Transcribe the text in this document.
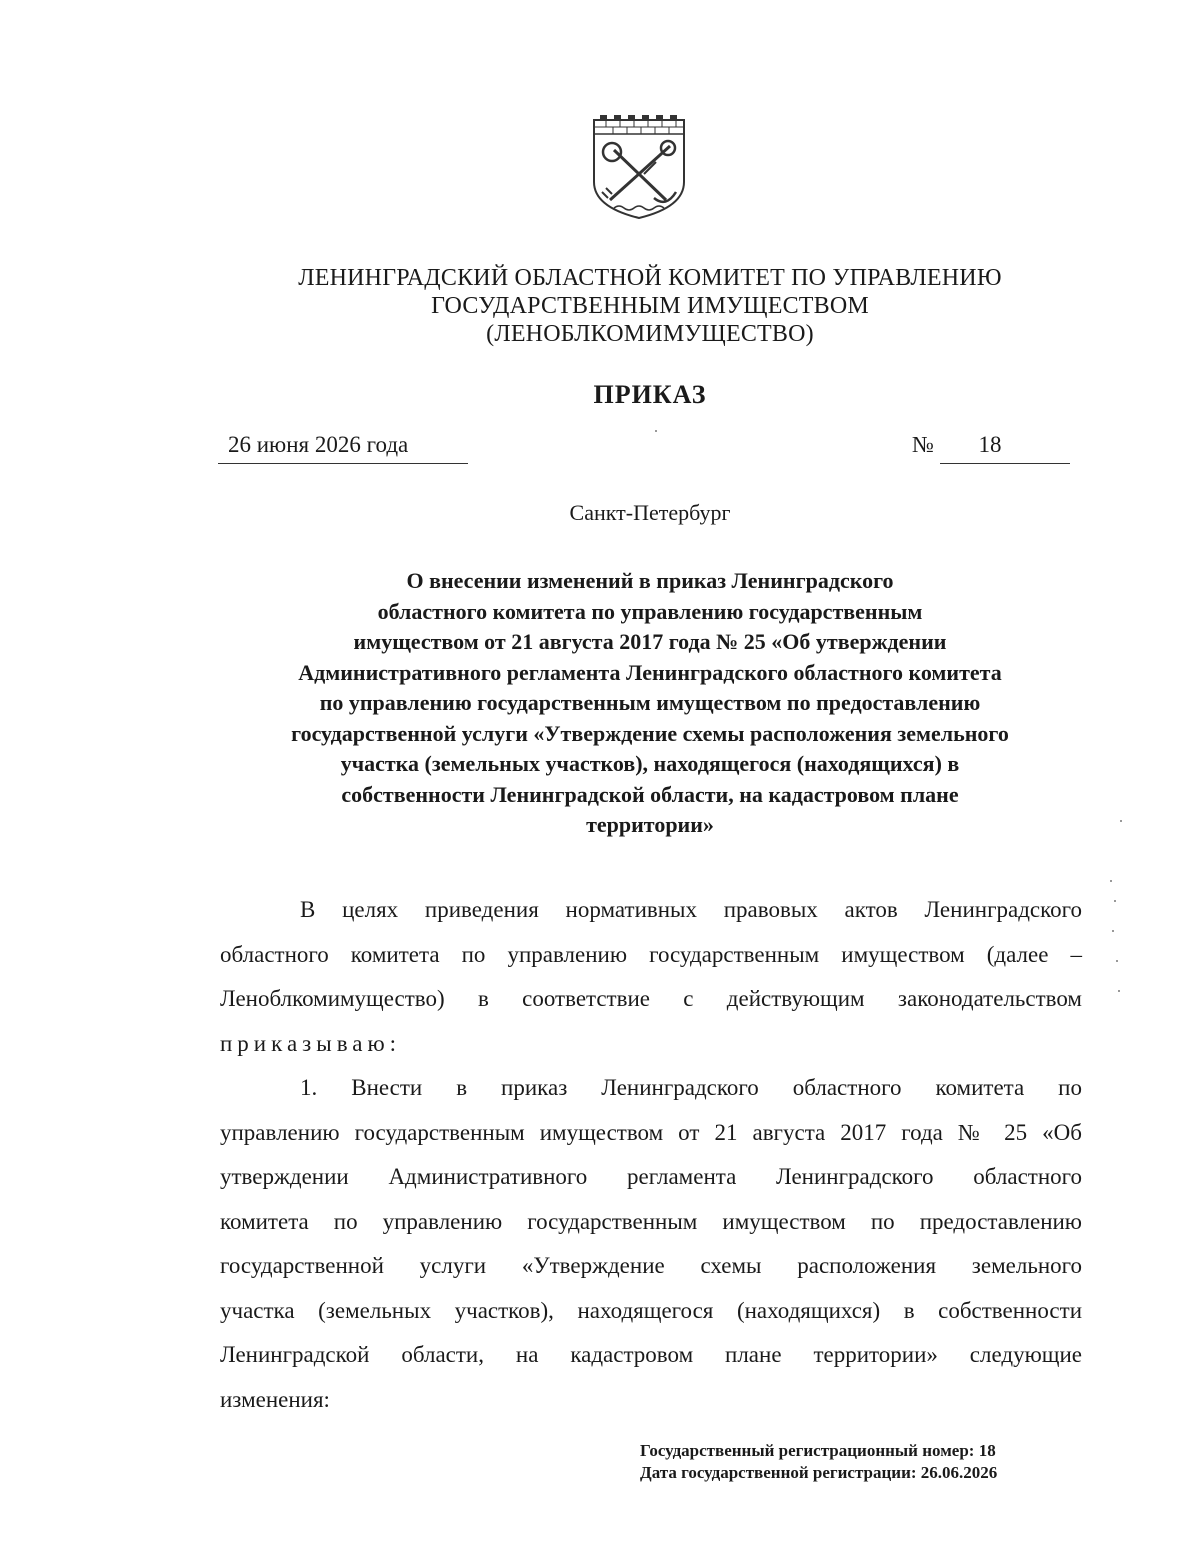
ЛЕНИНГРАДСКИЙ ОБЛАСТНОЙ КОМИТЕТ ПО УПРАВЛЕНИЮ
ГОСУДАРСТВЕННЫМ ИМУЩЕСТВОМ
(ЛЕНОБЛКОМИМУЩЕСТВО)
ПРИКАЗ
26 июня 2026 года	№	18
Санкт-Петербург
О внесении изменений в приказ Ленинградского
областного комитета по управлению государственным
имуществом от 21 августа 2017 года № 25 «Об утверждении
Административного регламента Ленинградского областного комитета
по управлению государственным имуществом по предоставлению
государственной услуги «Утверждение схемы расположения земельного
участка (земельных участков), находящегося (находящихся) в
собственности Ленинградской области, на кадастровом плане
территории»
В целях приведения нормативных правовых актов Ленинградского
областного комитета по управлению государственным имуществом (далее –
Леноблкомимущество) в соответствие с действующим законодательством
приказываю:
1. Внести в приказ Ленинградского областного комитета по
управлению государственным имуществом от 21 августа 2017 года № 25 «Об
утверждении Административного регламента Ленинградского областного
комитета по управлению государственным имуществом по предоставлению
государственной услуги «Утверждение схемы расположения земельного
участка (земельных участков), находящегося (находящихся) в собственности
Ленинградской области, на кадастровом плане территории» следующие
изменения:
Государственный регистрационный номер: 18
Дата государственной регистрации: 26.06.2026
